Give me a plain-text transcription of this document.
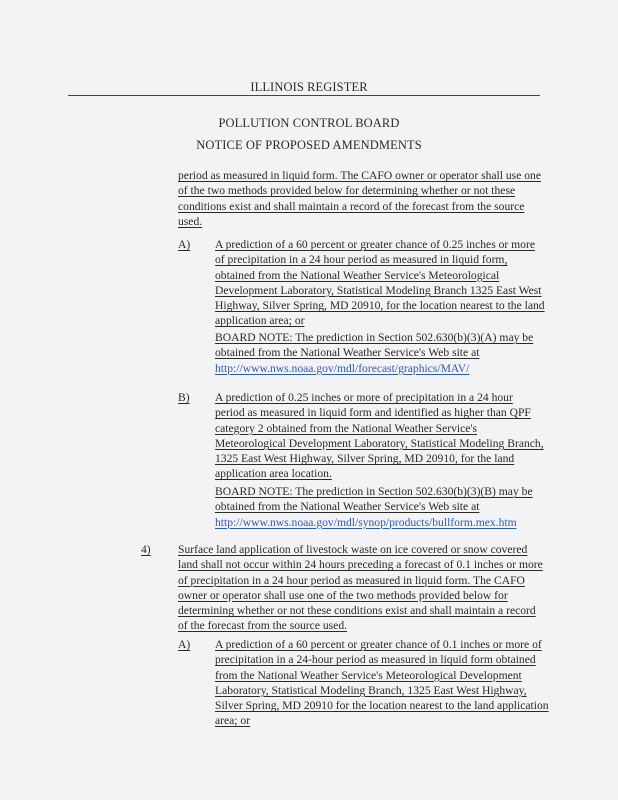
ILLINOIS REGISTER
POLLUTION CONTROL BOARD
NOTICE OF PROPOSED AMENDMENTS
period as measured in liquid form. The CAFO owner or operator shall use one of the two methods provided below for determining whether or not these conditions exist and shall maintain a record of the forecast from the source used.
A) A prediction of a 60 percent or greater chance of 0.25 inches or more of precipitation in a 24 hour period as measured in liquid form, obtained from the National Weather Service's Meteorological Development Laboratory, Statistical Modeling Branch 1325 East West Highway, Silver Spring, MD 20910, for the location nearest to the land application area; or
BOARD NOTE: The prediction in Section 502.630(b)(3)(A) may be obtained from the National Weather Service's Web site at http://www.nws.noaa.gov/mdl/forecast/graphics/MAV/
B) A prediction of 0.25 inches or more of precipitation in a 24 hour period as measured in liquid form and identified as higher than QPF category 2 obtained from the National Weather Service's Meteorological Development Laboratory, Statistical Modeling Branch, 1325 East West Highway, Silver Spring, MD 20910, for the land application area location.
BOARD NOTE: The prediction in Section 502.630(b)(3)(B) may be obtained from the National Weather Service's Web site at http://www.nws.noaa.gov/mdl/synop/products/bullform.mex.htm
4) Surface land application of livestock waste on ice covered or snow covered land shall not occur within 24 hours preceding a forecast of 0.1 inches or more of precipitation in a 24 hour period as measured in liquid form. The CAFO owner or operator shall use one of the two methods provided below for determining whether or not these conditions exist and shall maintain a record of the forecast from the source used.
A) A prediction of a 60 percent or greater chance of 0.1 inches or more of precipitation in a 24-hour period as measured in liquid form obtained from the National Weather Service's Meteorological Development Laboratory, Statistical Modeling Branch, 1325 East West Highway, Silver Spring, MD 20910 for the location nearest to the land application area; or
